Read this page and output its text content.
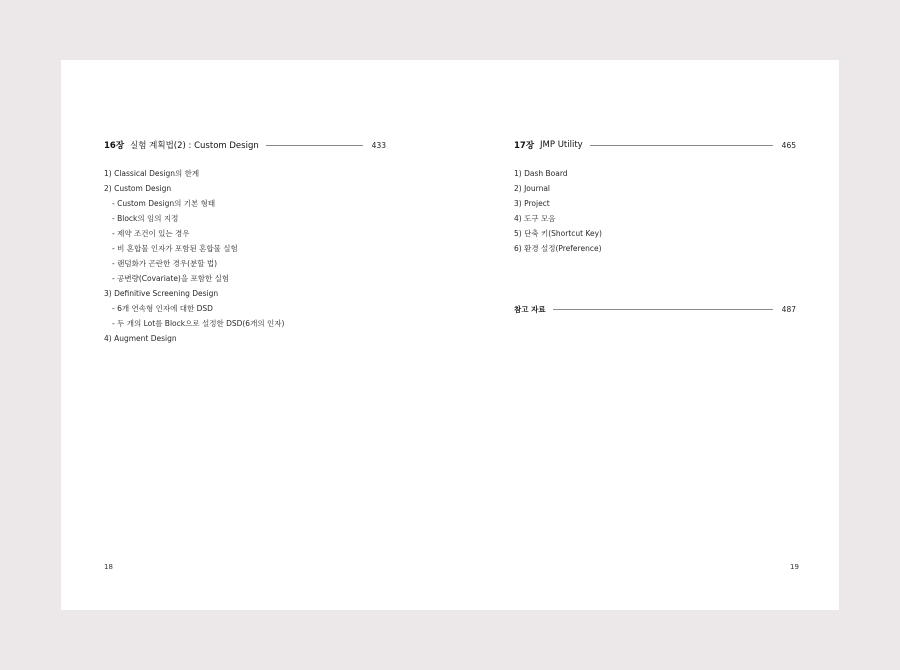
16장 실험 계획법(2) : Custom Design	433
1) Classical Design의 한계
2) Custom Design
- Custom Design의 기본 형태
- Block의 임의 지정
- 제약 조건이 있는 경우
- 비 혼합물 인자가 포함된 혼합물 실험
- 랜덤화가 곤란한 경우(분할 법)
- 공변량(Covariate)을 포함한 실험
3) Definitive Screening Design
- 6개 연속형 인자에 대한 DSD
- 두 개의 Lot를 Block으로 설정한 DSD(6개의 인자)
4) Augment Design
18
17장 JMP Utility	465
1) Dash Board
2) Journal
3) Project
4) 도구 모음
5) 단축 키(Shortcut Key)
6) 환경 설정(Preference)
참고 자료	487
19
